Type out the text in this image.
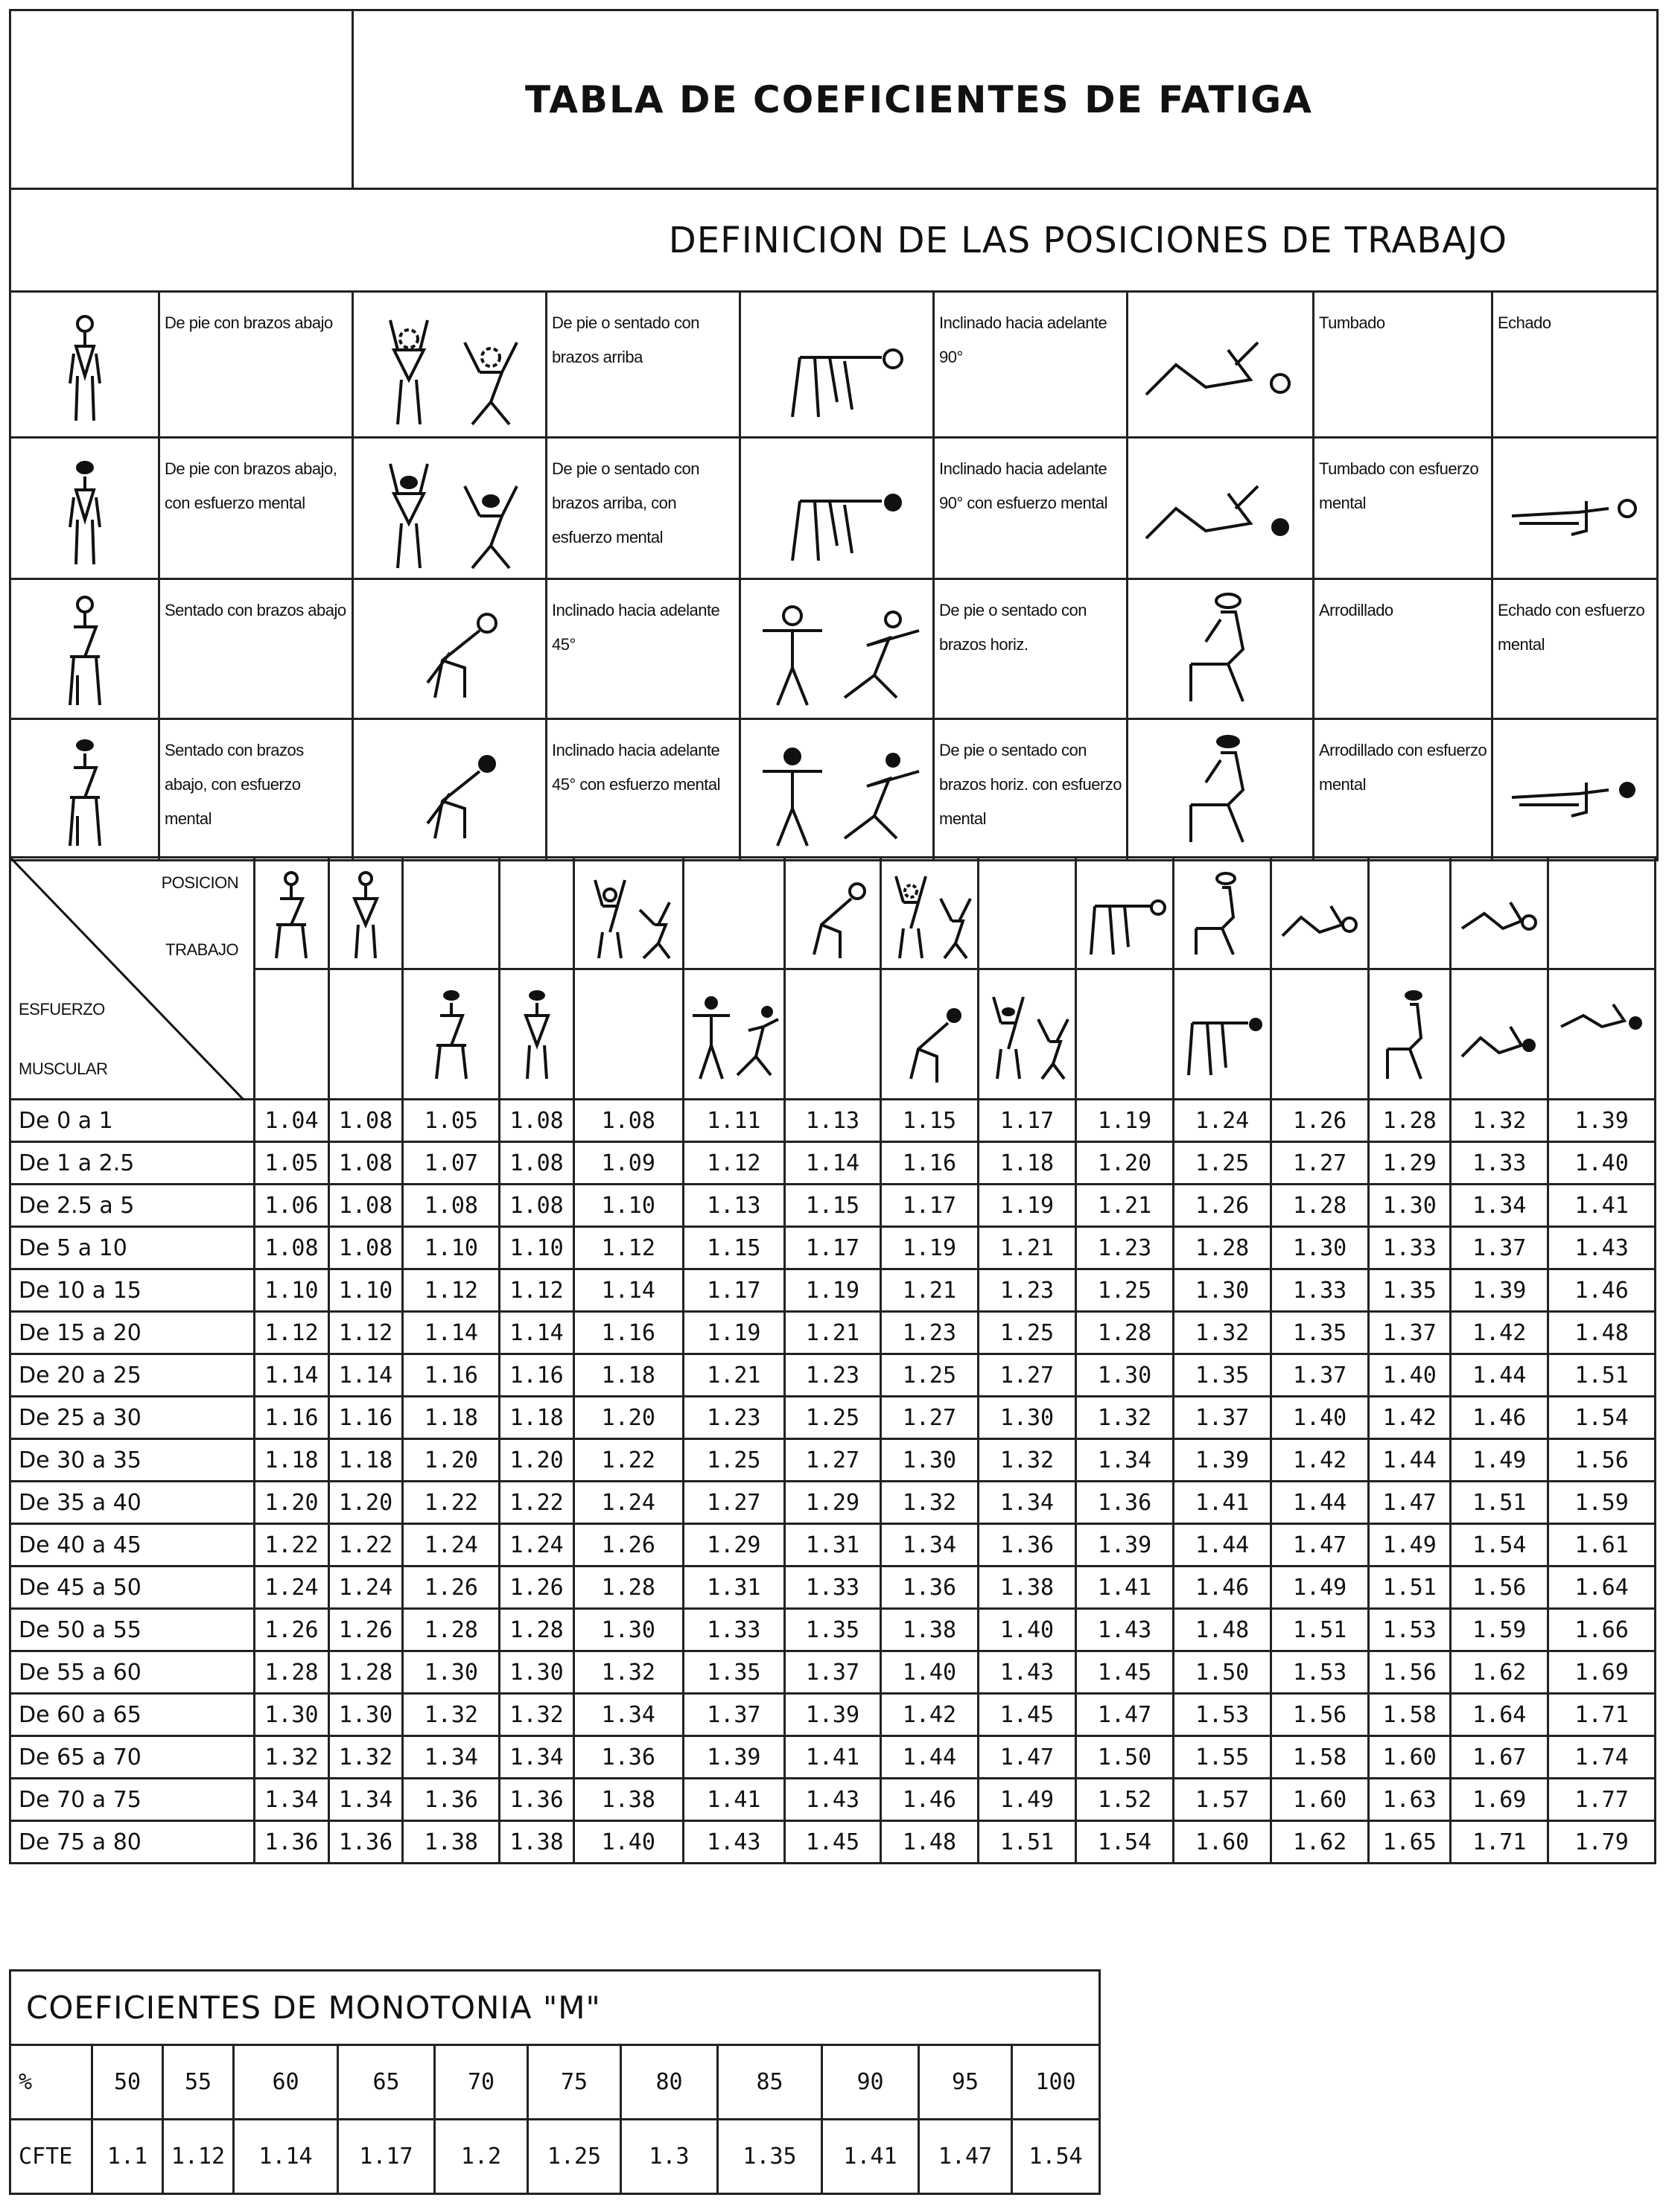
		TABLA DE COEFICIENTES DE FATIGA						
DEFINICION DE LAS POSICIONES DE TRABAJO								

	De pie con brazos abajo		De pie o sentado con brazos arriba		Inclinado hacia adelante 90°		Tumbado	Echado

	De pie con brazos abajo, con esfuerzo mental		De pie o sentado con brazos arriba, con esfuerzo mental		Inclinado hacia adelante 90° con esfuerzo mental		Tumbado con esfuerzo mental	

	Sentado con brazos abajo		Inclinado hacia adelante 45°		De pie o sentado con brazos horiz.		Arrodillado	Echado con esfuerzo mental

	Sentado con brazos abajo, con esfuerzo mental		Inclinado hacia adelante 45° con esfuerzo mental		De pie o sentado con brazos horiz. con esfuerzo mental		Arrodillado con esfuerzo mental	
POSICION
TRABAJO
ESFUERZO
MUSCULAR

De 0 a 1	1.04	1.08	1.05	1.08	1.08	1.11	1.13	1.15	1.17	1.19	1.24	1.26	1.28	1.32	1.39
De 1 a 2.5	1.05	1.08	1.07	1.08	1.09	1.12	1.14	1.16	1.18	1.20	1.25	1.27	1.29	1.33	1.40
De 2.5 a 5	1.06	1.08	1.08	1.08	1.10	1.13	1.15	1.17	1.19	1.21	1.26	1.28	1.30	1.34	1.41
De 5 a 10	1.08	1.08	1.10	1.10	1.12	1.15	1.17	1.19	1.21	1.23	1.28	1.30	1.33	1.37	1.43
De 10 a 15	1.10	1.10	1.12	1.12	1.14	1.17	1.19	1.21	1.23	1.25	1.30	1.33	1.35	1.39	1.46
De 15 a 20	1.12	1.12	1.14	1.14	1.16	1.19	1.21	1.23	1.25	1.28	1.32	1.35	1.37	1.42	1.48
De 20 a 25	1.14	1.14	1.16	1.16	1.18	1.21	1.23	1.25	1.27	1.30	1.35	1.37	1.40	1.44	1.51
De 25 a 30	1.16	1.16	1.18	1.18	1.20	1.23	1.25	1.27	1.30	1.32	1.37	1.40	1.42	1.46	1.54
De 30 a 35	1.18	1.18	1.20	1.20	1.22	1.25	1.27	1.30	1.32	1.34	1.39	1.42	1.44	1.49	1.56
De 35 a 40	1.20	1.20	1.22	1.22	1.24	1.27	1.29	1.32	1.34	1.36	1.41	1.44	1.47	1.51	1.59
De 40 a 45	1.22	1.22	1.24	1.24	1.26	1.29	1.31	1.34	1.36	1.39	1.44	1.47	1.49	1.54	1.61
De 45 a 50	1.24	1.24	1.26	1.26	1.28	1.31	1.33	1.36	1.38	1.41	1.46	1.49	1.51	1.56	1.64
De 50 a 55	1.26	1.26	1.28	1.28	1.30	1.33	1.35	1.38	1.40	1.43	1.48	1.51	1.53	1.59	1.66
De 55 a 60	1.28	1.28	1.30	1.30	1.32	1.35	1.37	1.40	1.43	1.45	1.50	1.53	1.56	1.62	1.69
De 60 a 65	1.30	1.30	1.32	1.32	1.34	1.37	1.39	1.42	1.45	1.47	1.53	1.56	1.58	1.64	1.71
De 65 a 70	1.32	1.32	1.34	1.34	1.36	1.39	1.41	1.44	1.47	1.50	1.55	1.58	1.60	1.67	1.74
De 70 a 75	1.34	1.34	1.36	1.36	1.38	1.41	1.43	1.46	1.49	1.52	1.57	1.60	1.63	1.69	1.77
De 75 a 80	1.36	1.36	1.38	1.38	1.40	1.43	1.45	1.48	1.51	1.54	1.60	1.62	1.65	1.71	1.79
COEFICIENTES DE MONOTONIA "M"											
%	50	55	60	65	70	75	80	85	90	95	100
CFTE	1.1	1.12	1.14	1.17	1.2	1.25	1.3	1.35	1.41	1.47	1.54
